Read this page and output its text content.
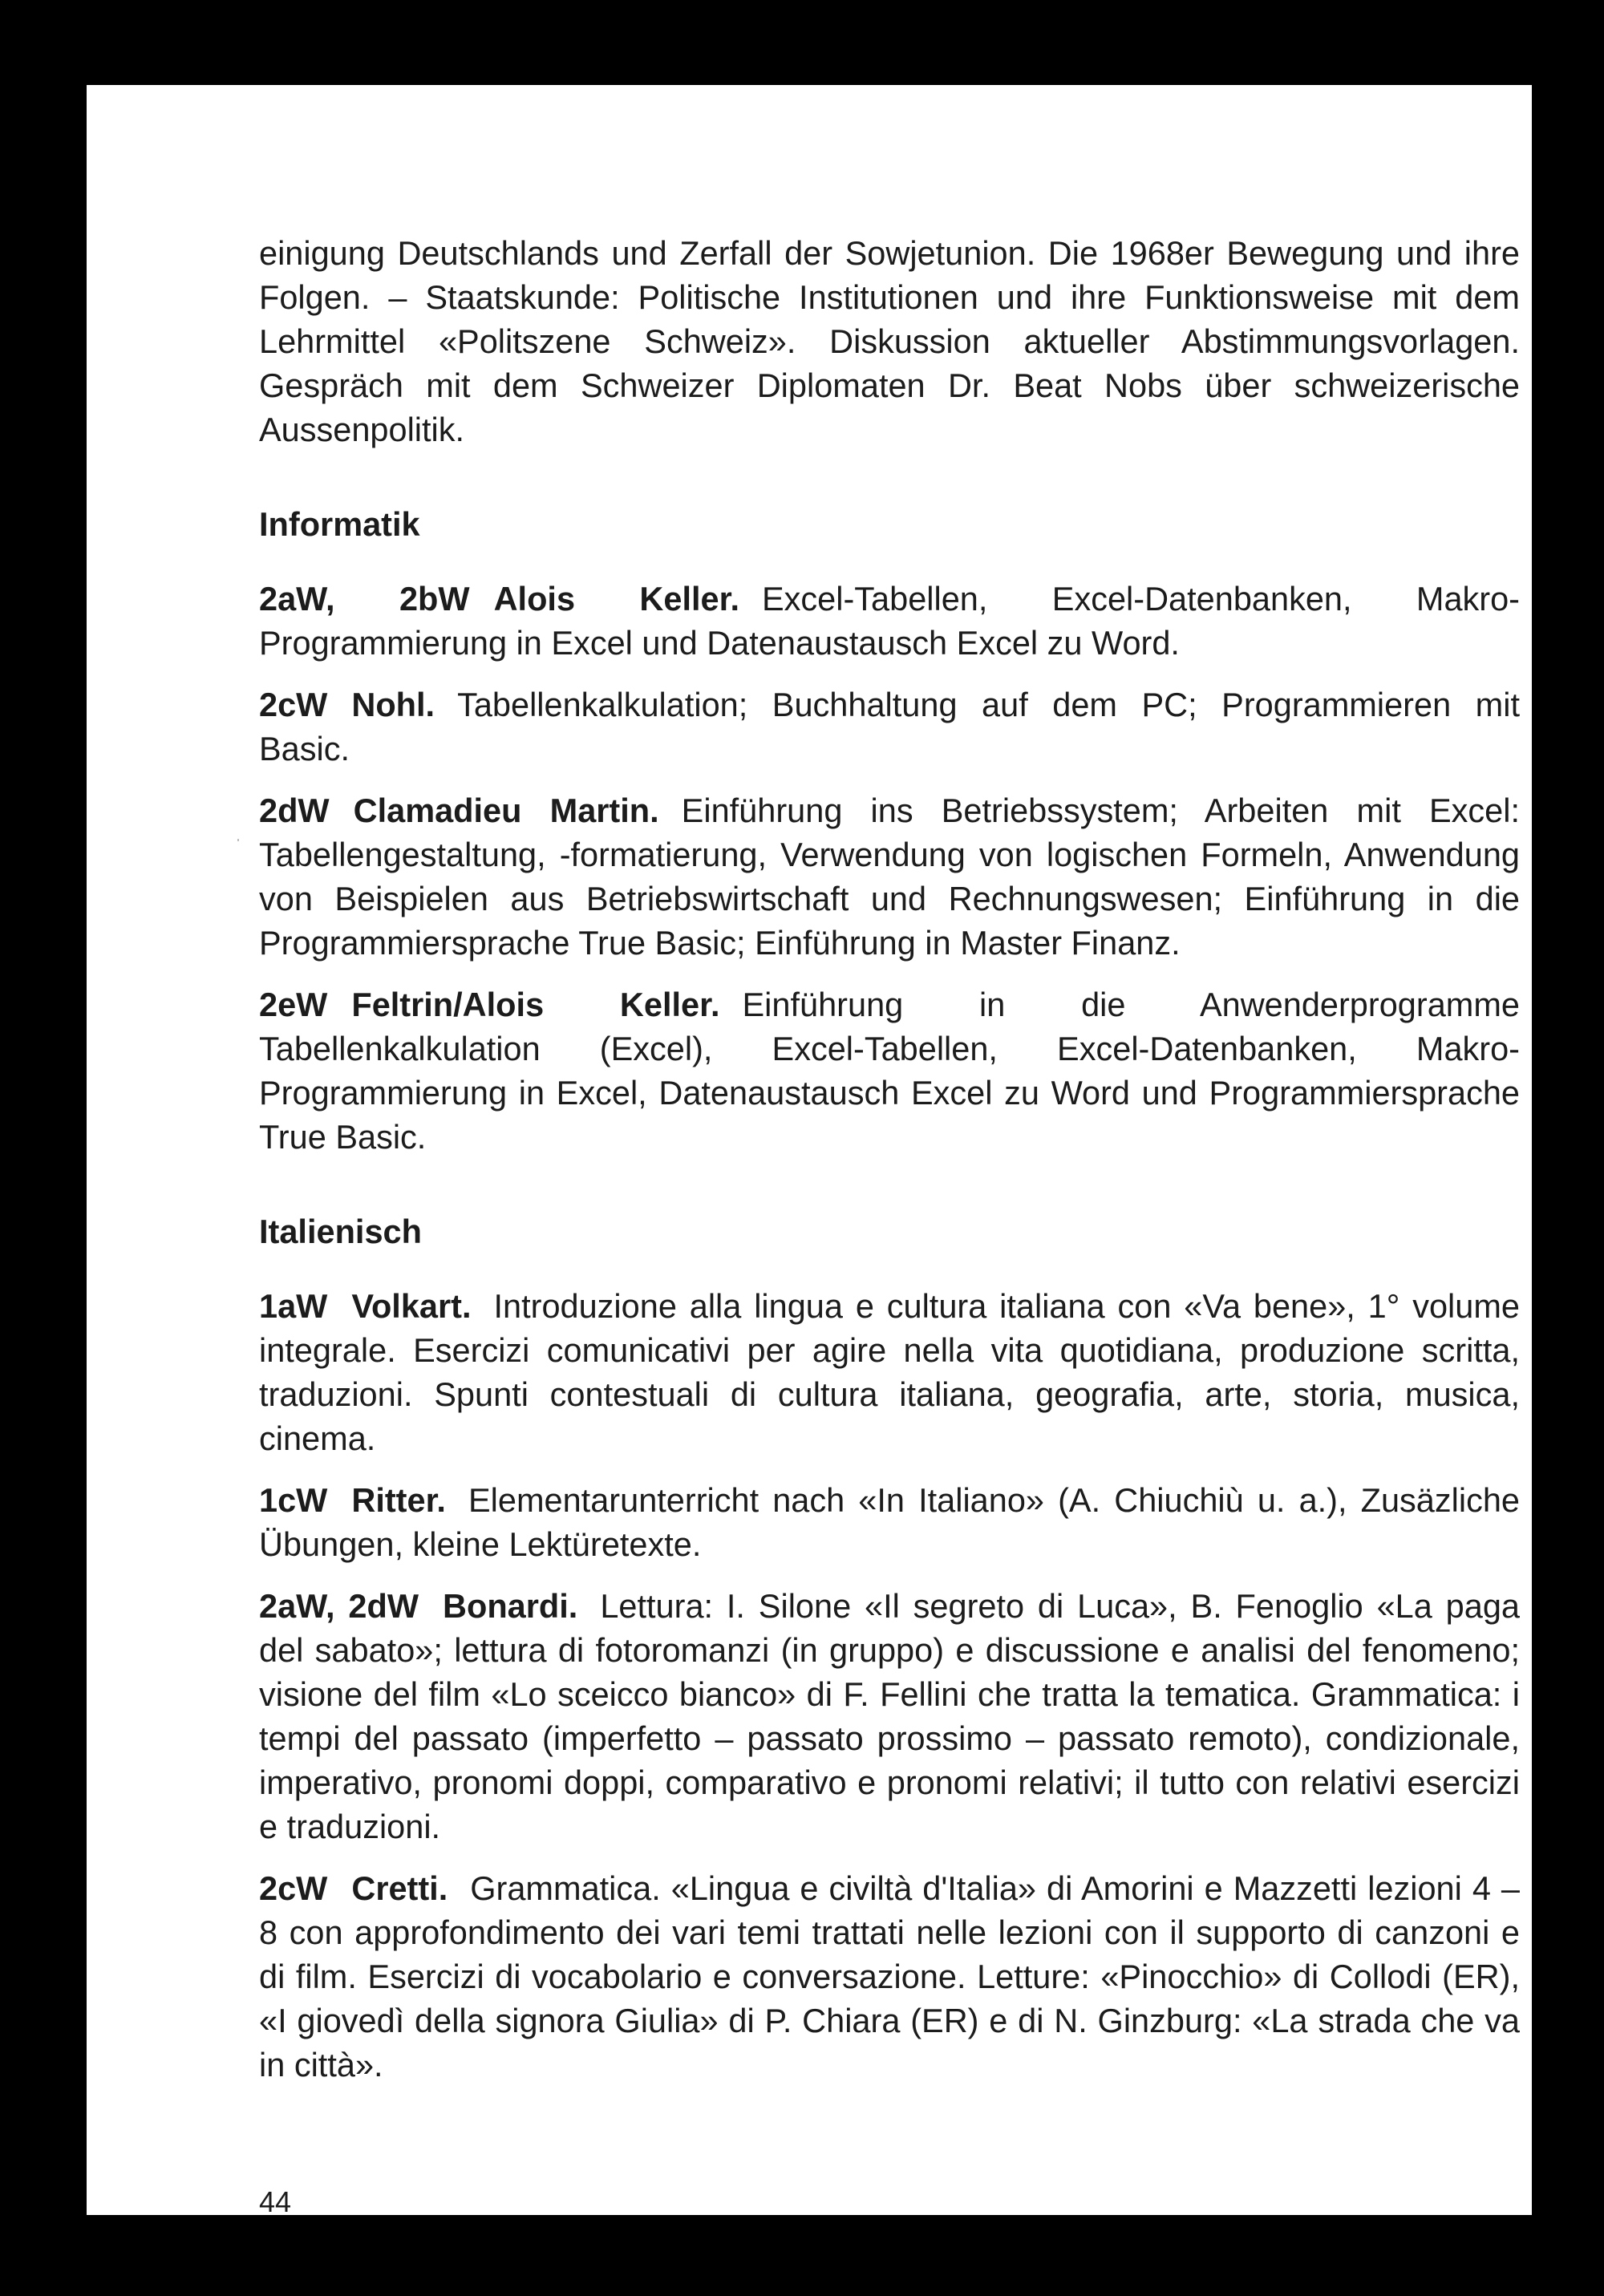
einigung Deutschlands und Zerfall der Sowjetunion. Die 1968er Bewegung und ihre Folgen. – Staatskunde: Politische Institutionen und ihre Funktionsweise mit dem Lehrmittel «Politszene Schweiz». Diskussion aktueller Abstimmungsvorlagen. Gespräch mit dem Schweizer Diplomaten Dr. Beat Nobs über schweizerische Aussenpolitik.

Informatik

2aW, 2bW Alois Keller. Excel-Tabellen, Excel-Datenbanken, Makro-Programmierung in Excel und Datenaustausch Excel zu Word.

2cW Nohl. Tabellenkalkulation; Buchhaltung auf dem PC; Programmieren mit Basic.

2dW Clamadieu Martin. Einführung ins Betriebssystem; Arbeiten mit Excel: Tabellengestaltung, -formatierung, Verwendung von logischen Formeln, Anwendung von Beispielen aus Betriebswirtschaft und Rechnungswesen; Einführung in die Programmiersprache True Basic; Einführung in Master Finanz.

2eW Feltrin/Alois Keller. Einführung in die Anwenderprogramme Tabellenkalkulation (Excel), Excel-Tabellen, Excel-Datenbanken, Makro-Programmierung in Excel, Datenaustausch Excel zu Word und Programmiersprache True Basic.

Italienisch

1aW Volkart. Introduzione alla lingua e cultura italiana con «Va bene», 1° volume integrale. Esercizi comunicativi per agire nella vita quotidiana, produzione scritta, traduzioni. Spunti contestuali di cultura italiana, geografia, arte, storia, musica, cinema.

1cW Ritter. Elementarunterricht nach «In Italiano» (A. Chiuchiù u. a.), Zusäzliche Übungen, kleine Lektüretexte.

2aW, 2dW Bonardi. Lettura: I. Silone «Il segreto di Luca», B. Fenoglio «La paga del sabato»; lettura di fotoromanzi (in gruppo) e discussione e analisi del fenomeno; visione del film «Lo sceicco bianco» di F. Fellini che tratta la tematica. Grammatica: i tempi del passato (imperfetto – passato prossimo – passato remoto), condizionale, imperativo, pronomi doppi, comparativo e pronomi relativi; il tutto con relativi esercizi e traduzioni.

2cW Cretti. Grammatica. «Lingua e civiltà d'Italia» di Amorini e Mazzetti lezioni 4 – 8 con approfondimento dei vari temi trattati nelle lezioni con il supporto di canzoni e di film. Esercizi di vocabolario e conversazione. Letture: «Pinocchio» di Collodi (ER), «I giovedì della signora Giulia» di P. Chiara (ER) e di N. Ginzburg: «La strada che va in città».

44
